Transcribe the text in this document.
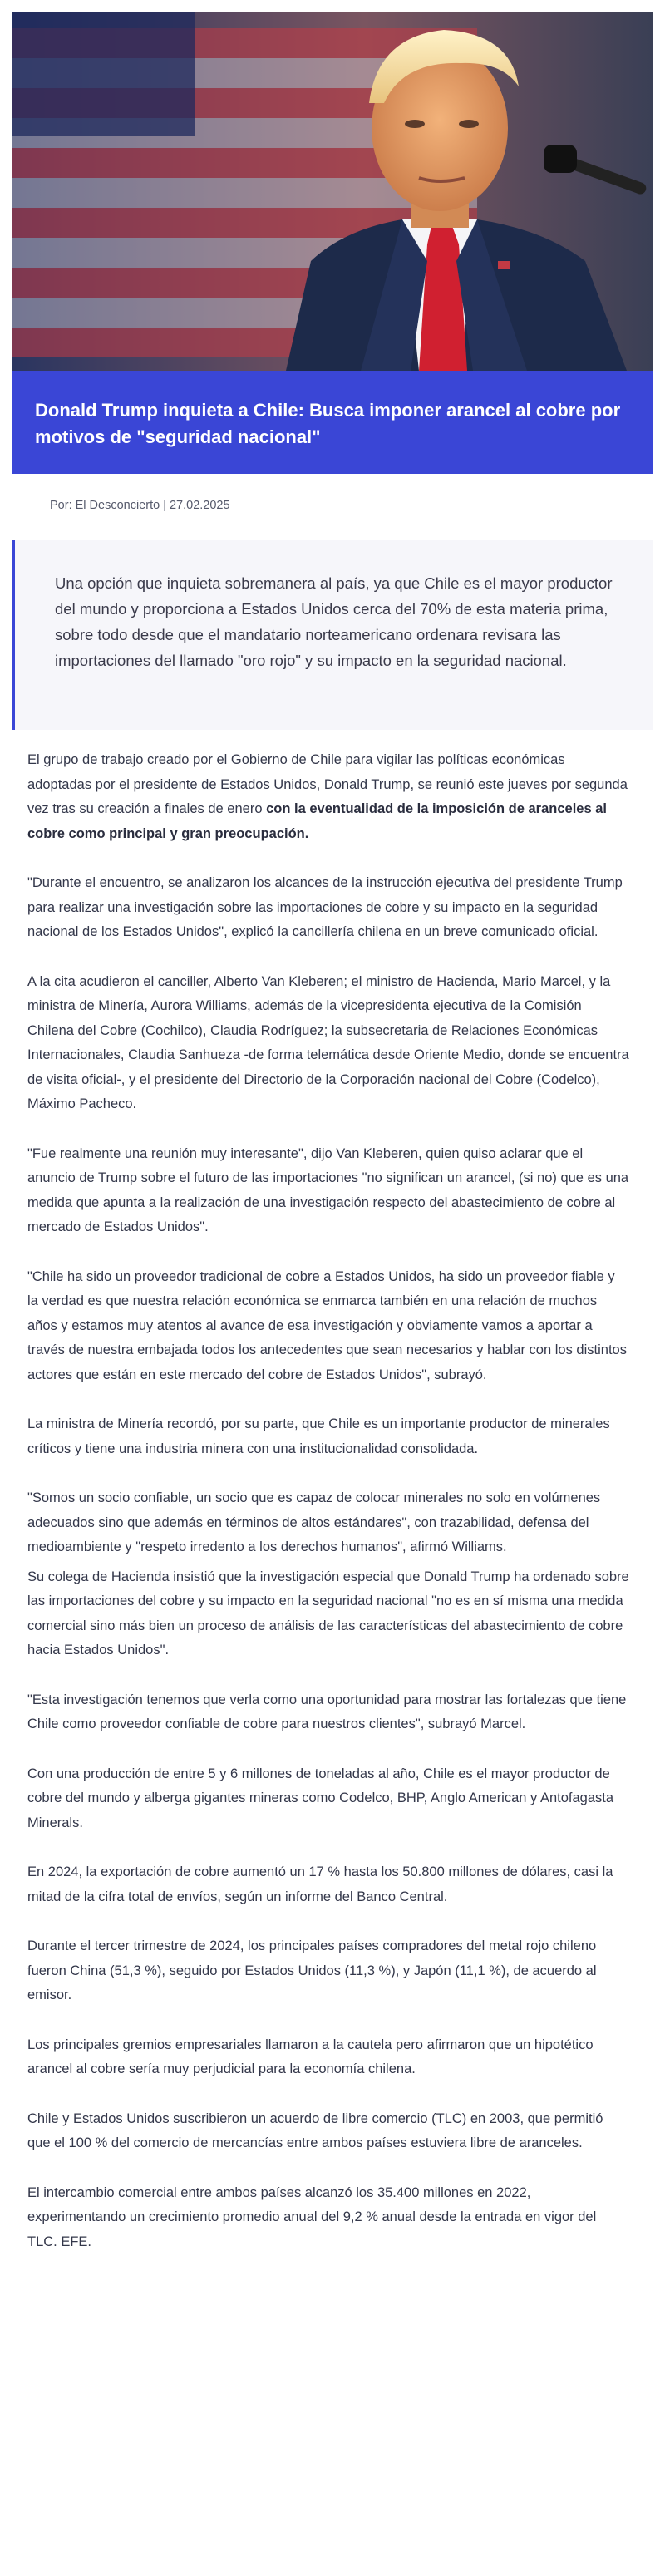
Donald Trump inquieta a Chile: Busca imponer arancel al cobre por motivos de "seguridad nacional"
Por: El Desconcierto | 27.02.2025

Una opción que inquieta sobremanera al país, ya que Chile es el mayor productor del mundo y proporciona a Estados Unidos cerca del 70% de esta materia prima, sobre todo desde que el mandatario norteamericano ordenara revisara las importaciones del llamado "oro rojo" y su impacto en la seguridad nacional.

El grupo de trabajo creado por el Gobierno de Chile para vigilar las políticas económicas adoptadas por el presidente de Estados Unidos, Donald Trump, se reunió este jueves por segunda vez tras su creación a finales de enero con la eventualidad de la imposición de aranceles al cobre como principal y gran preocupación.

"Durante el encuentro, se analizaron los alcances de la instrucción ejecutiva del presidente Trump para realizar una investigación sobre las importaciones de cobre y su impacto en la seguridad nacional de los Estados Unidos", explicó la cancillería chilena en un breve comunicado oficial.

A la cita acudieron el canciller, Alberto Van Kleberen; el ministro de Hacienda, Mario Marcel, y la ministra de Minería, Aurora Williams, además de la vicepresidenta ejecutiva de la Comisión Chilena del Cobre (Cochilco), Claudia Rodríguez; la subsecretaria de Relaciones Económicas Internacionales, Claudia Sanhueza -de forma telemática desde Oriente Medio, donde se encuentra de visita oficial-, y el presidente del Directorio de la Corporación nacional del Cobre (Codelco), Máximo Pacheco.

"Fue realmente una reunión muy interesante", dijo Van Kleberen, quien quiso aclarar que el anuncio de Trump sobre el futuro de las importaciones "no significan un arancel, (si no) que es una medida que apunta a la realización de una investigación respecto del abastecimiento de cobre al mercado de Estados Unidos".

"Chile ha sido un proveedor tradicional de cobre a Estados Unidos, ha sido un proveedor fiable y la verdad es que nuestra relación económica se enmarca también en una relación de muchos años y estamos muy atentos al avance de esa investigación y obviamente vamos a aportar a través de nuestra embajada todos los antecedentes que sean necesarios y hablar con los distintos actores que están en este mercado del cobre de Estados Unidos", subrayó.

La ministra de Minería recordó, por su parte, que Chile es un importante productor de minerales críticos y tiene una industria minera con una institucionalidad consolidada.

"Somos un socio confiable, un socio que es capaz de colocar minerales no solo en volúmenes adecuados sino que además en términos de altos estándares", con trazabilidad, defensa del medioambiente y "respeto irredento a los derechos humanos", afirmó Williams.

Su colega de Hacienda insistió que la investigación especial que Donald Trump ha ordenado sobre las importaciones del cobre y su impacto en la seguridad nacional "no es en sí misma una medida comercial sino más bien un proceso de análisis de las características del abastecimiento de cobre hacia Estados Unidos".

"Esta investigación tenemos que verla como una oportunidad para mostrar las fortalezas que tiene Chile como proveedor confiable de cobre para nuestros clientes", subrayó Marcel.

Con una producción de entre 5 y 6 millones de toneladas al año, Chile es el mayor productor de cobre del mundo y alberga gigantes mineras como Codelco, BHP, Anglo American y Antofagasta Minerals.

En 2024, la exportación de cobre aumentó un 17 % hasta los 50.800 millones de dólares, casi la mitad de la cifra total de envíos, según un informe del Banco Central.

Durante el tercer trimestre de 2024, los principales países compradores del metal rojo chileno fueron China (51,3 %), seguido por Estados Unidos (11,3 %), y Japón (11,1 %), de acuerdo al emisor.

Los principales gremios empresariales llamaron a la cautela pero afirmaron que un hipotético arancel al cobre sería muy perjudicial para la economía chilena.

Chile y Estados Unidos suscribieron un acuerdo de libre comercio (TLC) en 2003, que permitió que el 100 % del comercio de mercancías entre ambos países estuviera libre de aranceles.

El intercambio comercial entre ambos países alcanzó los 35.400 millones en 2022, experimentando un crecimiento promedio anual del 9,2 % anual desde la entrada en vigor del TLC. EFE.
